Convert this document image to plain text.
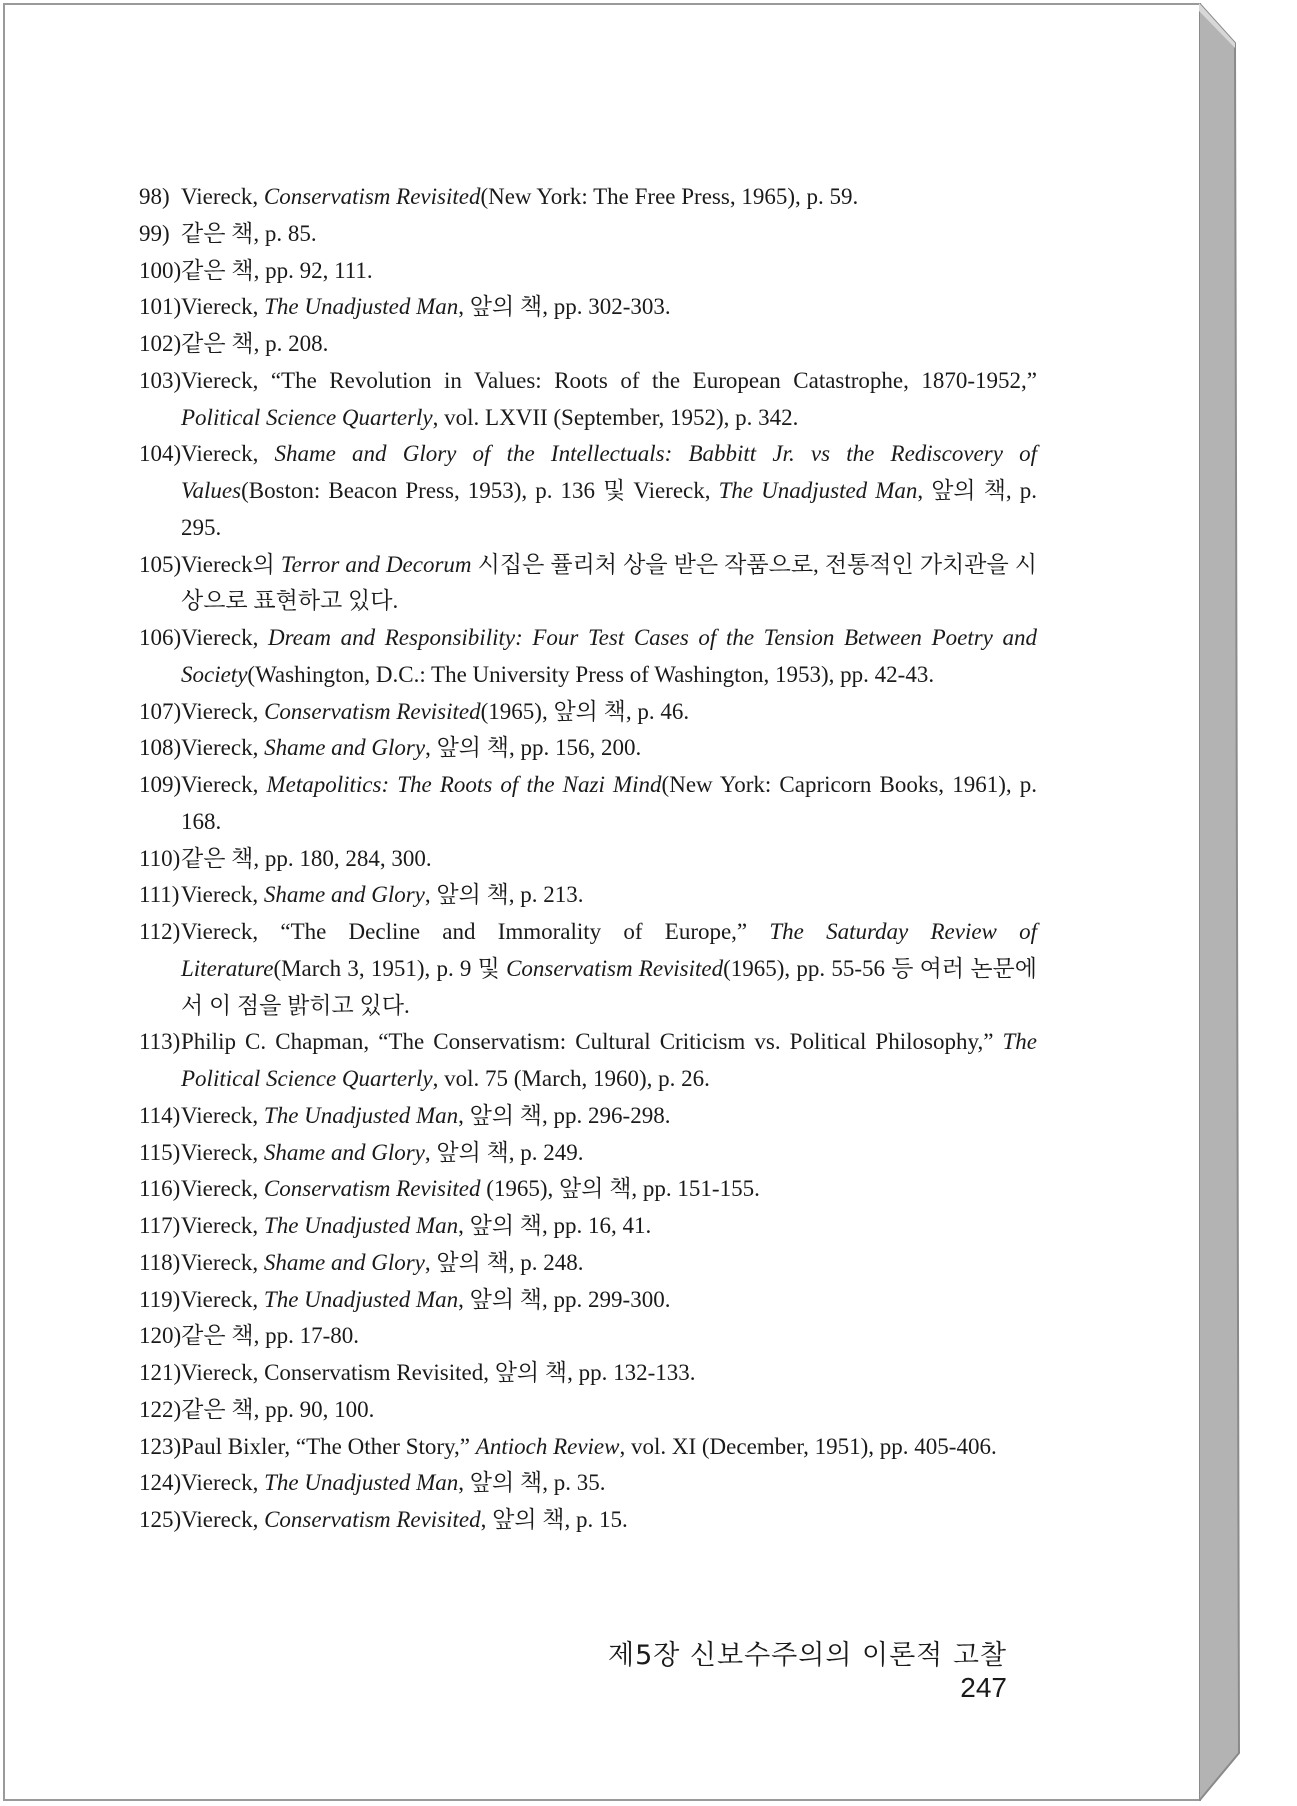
98) Viereck, Conservatism Revisited(New York: The Free Press, 1965), p. 59.
99) 같은 책, p. 85.
100)같은 책, pp. 92, 111.
101)Viereck, The Unadjusted Man, 앞의 책, pp. 302-303.
102)같은 책, p. 208.
103)Viereck, “The Revolution in Values: Roots of the European Catastrophe, 1870-1952,” Political Science Quarterly, vol. LXVII (September, 1952), p. 342.
104)Viereck, Shame and Glory of the Intellectuals: Babbitt Jr. vs the Rediscovery of Values(Boston: Beacon Press, 1953), p. 136 및 Viereck, The Unadjusted Man, 앞의 책, p. 295.
105)Viereck의 Terror and Decorum 시집은 퓰리처 상을 받은 작품으로, 전통적인 가치관을 시상으로 표현하고 있다.
106)Viereck, Dream and Responsibility: Four Test Cases of the Tension Between Poetry and Society(Washington, D.C.: The University Press of Washington, 1953), pp. 42-43.
107)Viereck, Conservatism Revisited(1965), 앞의 책, p. 46.
108)Viereck, Shame and Glory, 앞의 책, pp. 156, 200.
109)Viereck, Metapolitics: The Roots of the Nazi Mind(New York: Capricorn Books, 1961), p. 168.
110)같은 책, pp. 180, 284, 300.
111)Viereck, Shame and Glory, 앞의 책, p. 213.
112)Viereck, “The Decline and Immorality of Europe,” The Saturday Review of Literature(March 3, 1951), p. 9 및 Conservatism Revisited(1965), pp. 55-56 등 여러 논문에서 이 점을 밝히고 있다.
113)Philip C. Chapman, “The Conservatism: Cultural Criticism vs. Political Philosophy,” The Political Science Quarterly, vol. 75 (March, 1960), p. 26.
114)Viereck, The Unadjusted Man, 앞의 책, pp. 296-298.
115)Viereck, Shame and Glory, 앞의 책, p. 249.
116)Viereck, Conservatism Revisited (1965), 앞의 책, pp. 151-155.
117)Viereck, The Unadjusted Man, 앞의 책, pp. 16, 41.
118)Viereck, Shame and Glory, 앞의 책, p. 248.
119)Viereck, The Unadjusted Man, 앞의 책, pp. 299-300.
120)같은 책, pp. 17-80.
121)Viereck, Conservatism Revisited, 앞의 책, pp. 132-133.
122)같은 책, pp. 90, 100.
123)Paul Bixler, “The Other Story,” Antioch Review, vol. XI (December, 1951), pp. 405-406.
124)Viereck, The Unadjusted Man, 앞의 책, p. 35.
125)Viereck, Conservatism Revisited, 앞의 책, p. 15.
제5장 신보수주의의 이론적 고찰247
